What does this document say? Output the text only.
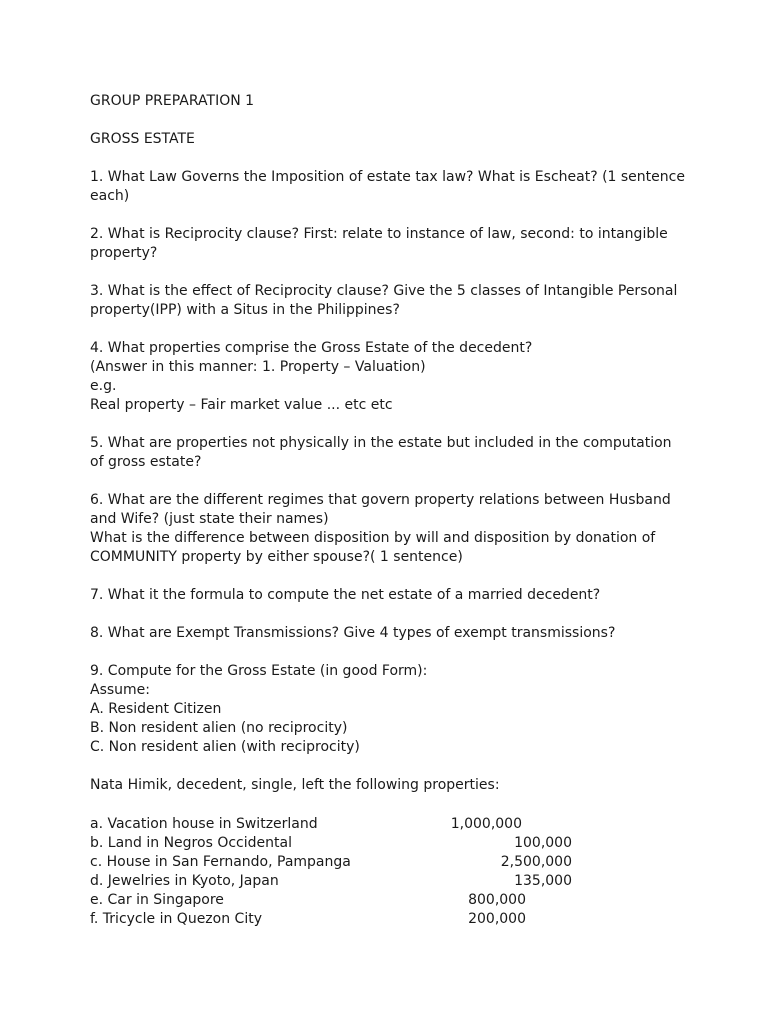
GROUP PREPARATION 1
GROSS ESTATE
1. What Law Governs the Imposition of estate tax law? What is Escheat? (1 sentence
each)
2. What is Reciprocity clause? First: relate to instance of law, second: to intangible
property?
3. What is the effect of Reciprocity clause? Give the 5 classes of Intangible Personal
property(IPP) with a Situs in the Philippines?
4. What properties comprise the Gross Estate of the decedent?
(Answer in this manner: 1. Property – Valuation)
e.g.
Real property – Fair market value ... etc etc
5. What are properties not physically in the estate but included in the computation
of gross estate?
6. What are the different regimes that govern property relations between Husband
and Wife? (just state their names)
What is the difference between disposition by will and disposition by donation of
COMMUNITY property by either spouse?( 1 sentence)
7. What it the formula to compute the net estate of a married decedent?
8. What are Exempt Transmissions? Give 4 types of exempt transmissions?
9. Compute for the Gross Estate (in good Form):
Assume:
A. Resident Citizen
B. Non resident alien (no reciprocity)
C. Non resident alien (with reciprocity)
Nata Himik, decedent, single, left the following properties:
a. Vacation house in Switzerland	1,000,000
b. Land in Negros Occidental	100,000
c. House in San Fernando, Pampanga	2,500,000
d. Jewelries in Kyoto, Japan	135,000
e. Car in Singapore	800,000
f. Tricycle in Quezon City	200,000
